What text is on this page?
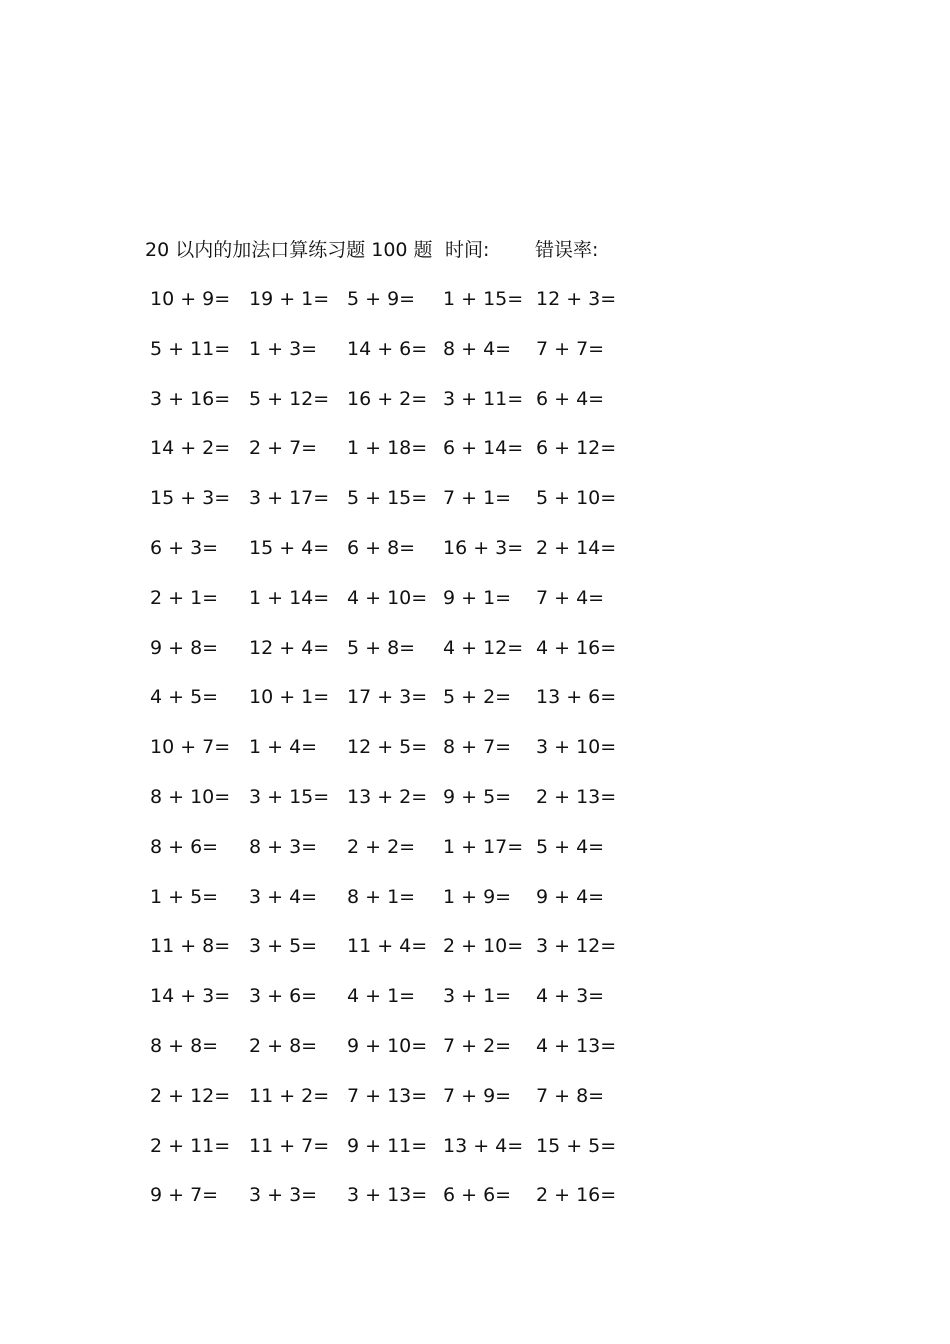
20 以内的加法口算练习题 100 题 时间: 错误率:
10 + 9= 19 + 1= 5 + 9= 1 + 15= 12 + 3=
5 + 11= 1 + 3= 14 + 6= 8 + 4= 7 + 7=
3 + 16= 5 + 12= 16 + 2= 3 + 11= 6 + 4=
14 + 2= 2 + 7= 1 + 18= 6 + 14= 6 + 12=
15 + 3= 3 + 17= 5 + 15= 7 + 1= 5 + 10=
6 + 3= 15 + 4= 6 + 8= 16 + 3= 2 + 14=
2 + 1= 1 + 14= 4 + 10= 9 + 1= 7 + 4=
9 + 8= 12 + 4= 5 + 8= 4 + 12= 4 + 16=
4 + 5= 10 + 1= 17 + 3= 5 + 2= 13 + 6=
10 + 7= 1 + 4= 12 + 5= 8 + 7= 3 + 10=
8 + 10= 3 + 15= 13 + 2= 9 + 5= 2 + 13=
8 + 6= 8 + 3= 2 + 2= 1 + 17= 5 + 4=
1 + 5= 3 + 4= 8 + 1= 1 + 9= 9 + 4=
11 + 8= 3 + 5= 11 + 4= 2 + 10= 3 + 12=
14 + 3= 3 + 6= 4 + 1= 3 + 1= 4 + 3=
8 + 8= 2 + 8= 9 + 10= 7 + 2= 4 + 13=
2 + 12= 11 + 2= 7 + 13= 7 + 9= 7 + 8=
2 + 11= 11 + 7= 9 + 11= 13 + 4= 15 + 5=
9 + 7= 3 + 3= 3 + 13= 6 + 6= 2 + 16=
